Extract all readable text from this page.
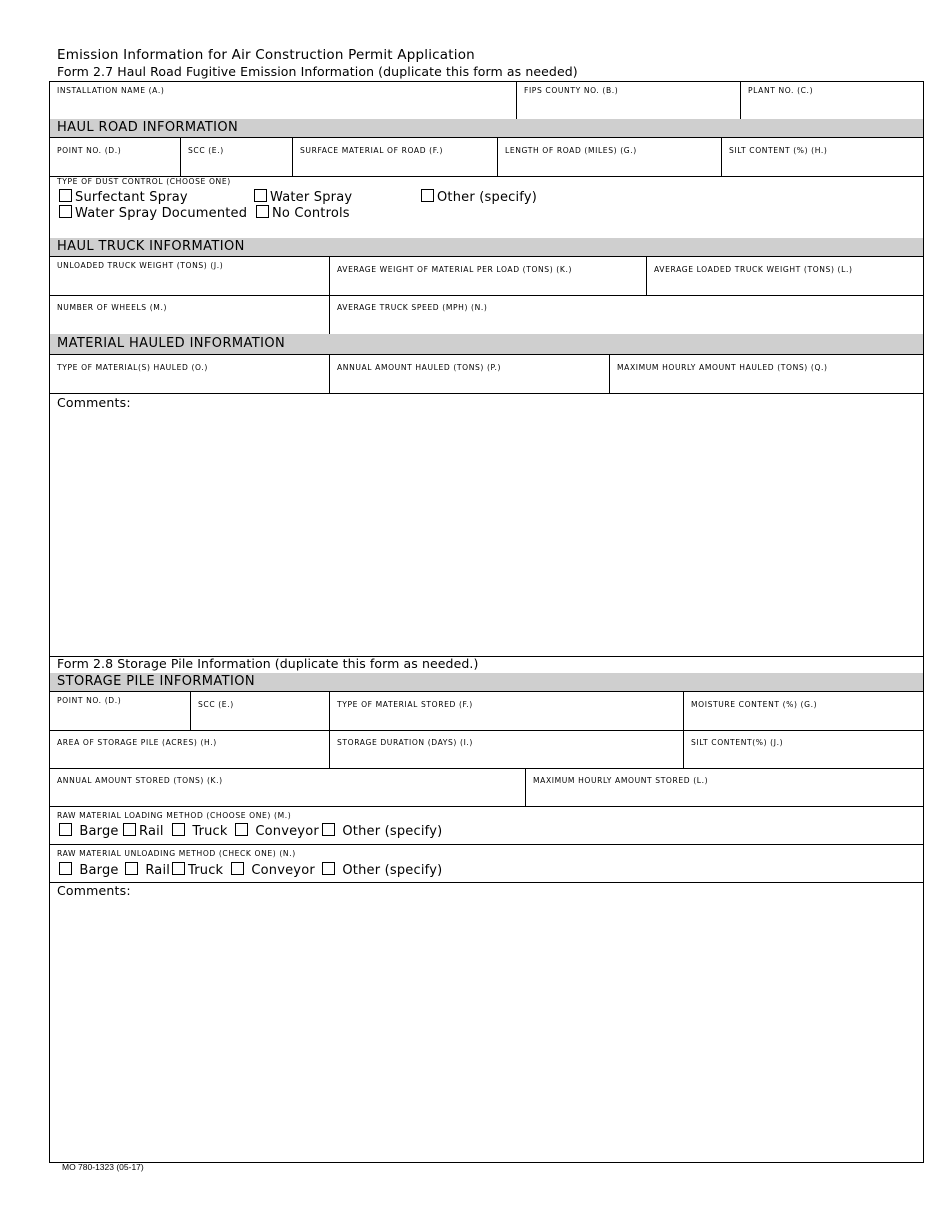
Emission Information for Air Construction Permit Application
Form 2.7 Haul Road Fugitive Emission Information (duplicate this form as needed)
INSTALLATION NAME (A.)	FIPS COUNTY NO. (B.)	PLANT NO. (C.)
HAUL ROAD INFORMATION
POINT NO. (D.)	SCC (E.)	SURFACE MATERIAL OF ROAD (F.)	LENGTH OF ROAD (MILES) (G.)	SILT CONTENT (%) (H.)
TYPE OF DUST CONTROL (CHOOSE ONE)
Surfectant Spray	Water Spray	Other (specify)
Water Spray Documented	No Controls
HAUL TRUCK INFORMATION
UNLOADED TRUCK WEIGHT (TONS) (J.)	AVERAGE WEIGHT OF MATERIAL PER LOAD (TONS) (K.)	AVERAGE LOADED TRUCK WEIGHT (TONS) (L.)
NUMBER OF WHEELS (M.)	AVERAGE TRUCK SPEED (MPH) (N.)
MATERIAL HAULED INFORMATION
TYPE OF MATERIAL(S) HAULED (O.)	ANNUAL AMOUNT HAULED (TONS) (P.)	MAXIMUM HOURLY AMOUNT HAULED (TONS) (Q.)
Comments:
Form 2.8 Storage Pile Information (duplicate this form as needed.)
STORAGE PILE INFORMATION
POINT NO. (D.)	SCC (E.)	TYPE OF MATERIAL STORED (F.)	MOISTURE CONTENT (%) (G.)
AREA OF STORAGE PILE (ACRES) (H.)	STORAGE DURATION (DAYS) (I.)	SILT CONTENT(%) (J.)
ANNUAL AMOUNT STORED (TONS) (K.)	MAXIMUM HOURLY AMOUNT STORED (L.)
RAW MATERIAL LOADING METHOD (CHOOSE ONE) (M.)
Barge	Rail	Truck	Conveyor	Other (specify)
RAW MATERIAL UNLOADING METHOD (CHECK ONE) (N.)
Barge	Rail	Truck	Conveyor	Other (specify)
Comments:
MO 780-1323 (05-17)
